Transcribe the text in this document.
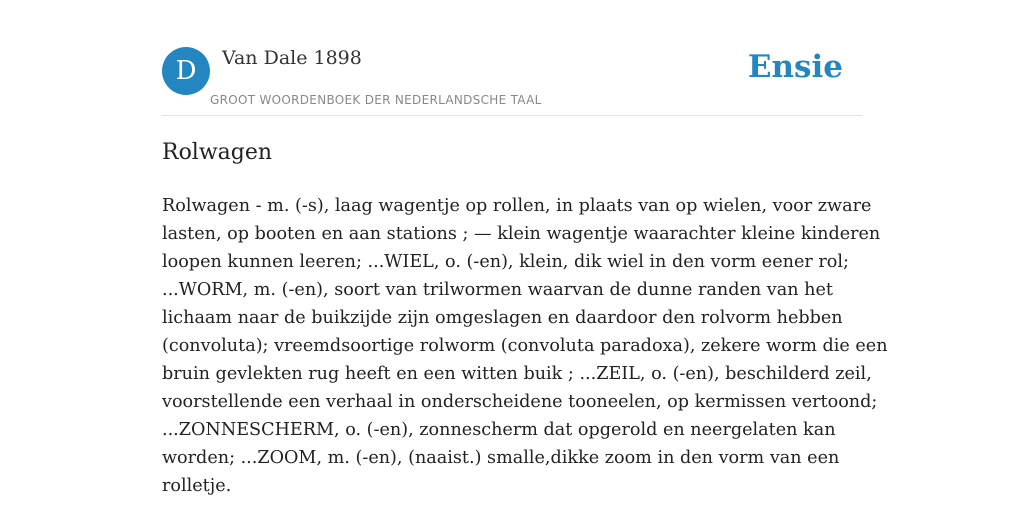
D	Van Dale 1898
GROOT WOORDENBOEK DER NEDERLANDSCHE TAAL
Ensie
Rolwagen

Rolwagen - m. (-s), laag wagentje op rollen, in plaats van op wielen, voor zware
lasten, op booten en aan stations ; — klein wagentje waarachter kleine kinderen
loopen kunnen leeren; ...WIEL, o. (-en), klein, dik wiel in den vorm eener rol;
...WORM, m. (-en), soort van trilwormen waarvan de dunne randen van het
lichaam naar de buikzijde zijn omgeslagen en daardoor den rolvorm hebben
(convoluta); vreemdsoortige rolworm (convoluta paradoxa), zekere worm die een
bruin gevlekten rug heeft en een witten buik ; ...ZEIL, o. (-en), beschilderd zeil,
voorstellende een verhaal in onderscheidene tooneelen, op kermissen vertoond;
...ZONNESCHERM, o. (-en), zonnescherm dat opgerold en neergelaten kan
worden; ...ZOOM, m. (-en), (naaist.) smalle,dikke zoom in den vorm van een
rolletje.
